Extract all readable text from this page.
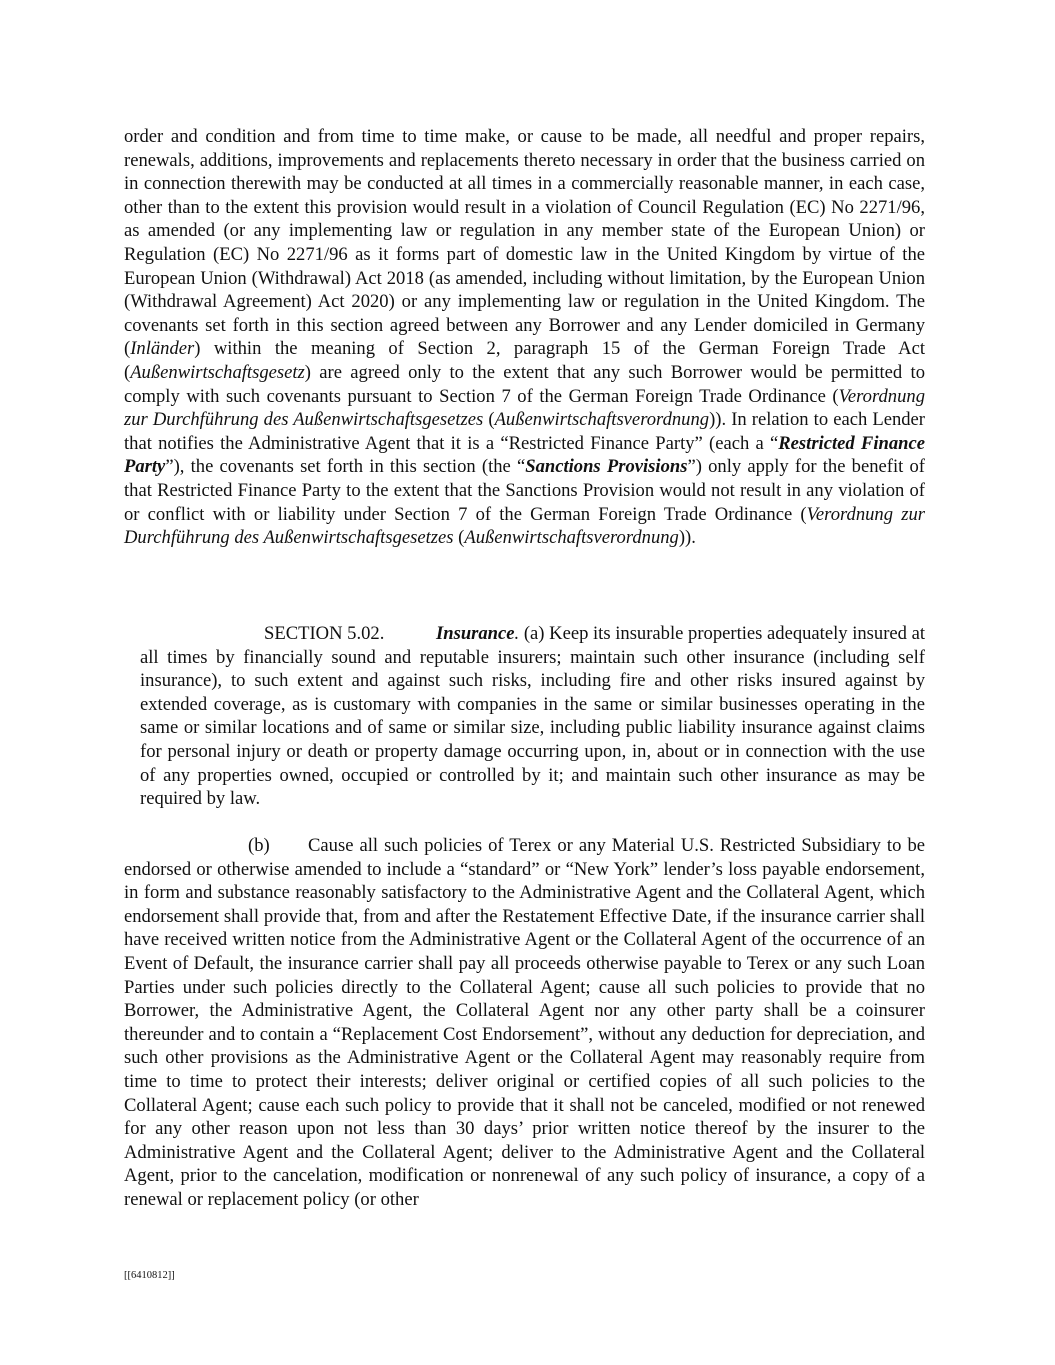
order and condition and from time to time make, or cause to be made, all needful and proper repairs, renewals, additions, improvements and replacements thereto necessary in order that the business carried on in connection therewith may be conducted at all times in a commercially reasonable manner, in each case, other than to the extent this provision would result in a violation of Council Regulation (EC) No 2271/96, as amended (or any implementing law or regulation in any member state of the European Union) or Regulation (EC) No 2271/96 as it forms part of domestic law in the United Kingdom by virtue of the European Union (Withdrawal) Act 2018 (as amended, including without limitation, by the European Union (Withdrawal Agreement) Act 2020) or any implementing law or regulation in the United Kingdom. The covenants set forth in this section agreed between any Borrower and any Lender domiciled in Germany (Inländer) within the meaning of Section 2, paragraph 15 of the German Foreign Trade Act (Außenwirtschaftsgesetz) are agreed only to the extent that any such Borrower would be permitted to comply with such covenants pursuant to Section 7 of the German Foreign Trade Ordinance (Verordnung zur Durchführung des Außenwirtschaftsgesetzes (Außenwirtschaftsverordnung)). In relation to each Lender that notifies the Administrative Agent that it is a “Restricted Finance Party” (each a “Restricted Finance Party”), the covenants set forth in this section (the “Sanctions Provisions”) only apply for the benefit of that Restricted Finance Party to the extent that the Sanctions Provision would not result in any violation of or conflict with or liability under Section 7 of the German Foreign Trade Ordinance (Verordnung zur Durchführung des Außenwirtschaftsgesetzes (Außenwirtschaftsverordnung)).

SECTION 5.02.	Insurance. (a) Keep its insurable properties adequately insured at all times by financially sound and reputable insurers; maintain such other insurance (including self insurance), to such extent and against such risks, including fire and other risks insured against by extended coverage, as is customary with companies in the same or similar businesses operating in the same or similar locations and of same or similar size, including public liability insurance against claims for personal injury or death or property damage occurring upon, in, about or in connection with the use of any properties owned, occupied or controlled by it; and maintain such other insurance as may be required by law.

(b) Cause all such policies of Terex or any Material U.S. Restricted Subsidiary to be endorsed or otherwise amended to include a “standard” or “New York” lender’s loss payable endorsement, in form and substance reasonably satisfactory to the Administrative Agent and the Collateral Agent, which endorsement shall provide that, from and after the Restatement Effective Date, if the insurance carrier shall have received written notice from the Administrative Agent or the Collateral Agent of the occurrence of an Event of Default, the insurance carrier shall pay all proceeds otherwise payable to Terex or any such Loan Parties under such policies directly to the Collateral Agent; cause all such policies to provide that no Borrower, the Administrative Agent, the Collateral Agent nor any other party shall be a coinsurer thereunder and to contain a “Replacement Cost Endorsement”, without any deduction for depreciation, and such other provisions as the Administrative Agent or the Collateral Agent may reasonably require from time to time to protect their interests; deliver original or certified copies of all such policies to the Collateral Agent; cause each such policy to provide that it shall not be canceled, modified or not renewed for any other reason upon not less than 30 days’ prior written notice thereof by the insurer to the Administrative Agent and the Collateral Agent; deliver to the Administrative Agent and the Collateral Agent, prior to the cancelation, modification or nonrenewal of any such policy of insurance, a copy of a renewal or replacement policy (or other

[[6410812]]
